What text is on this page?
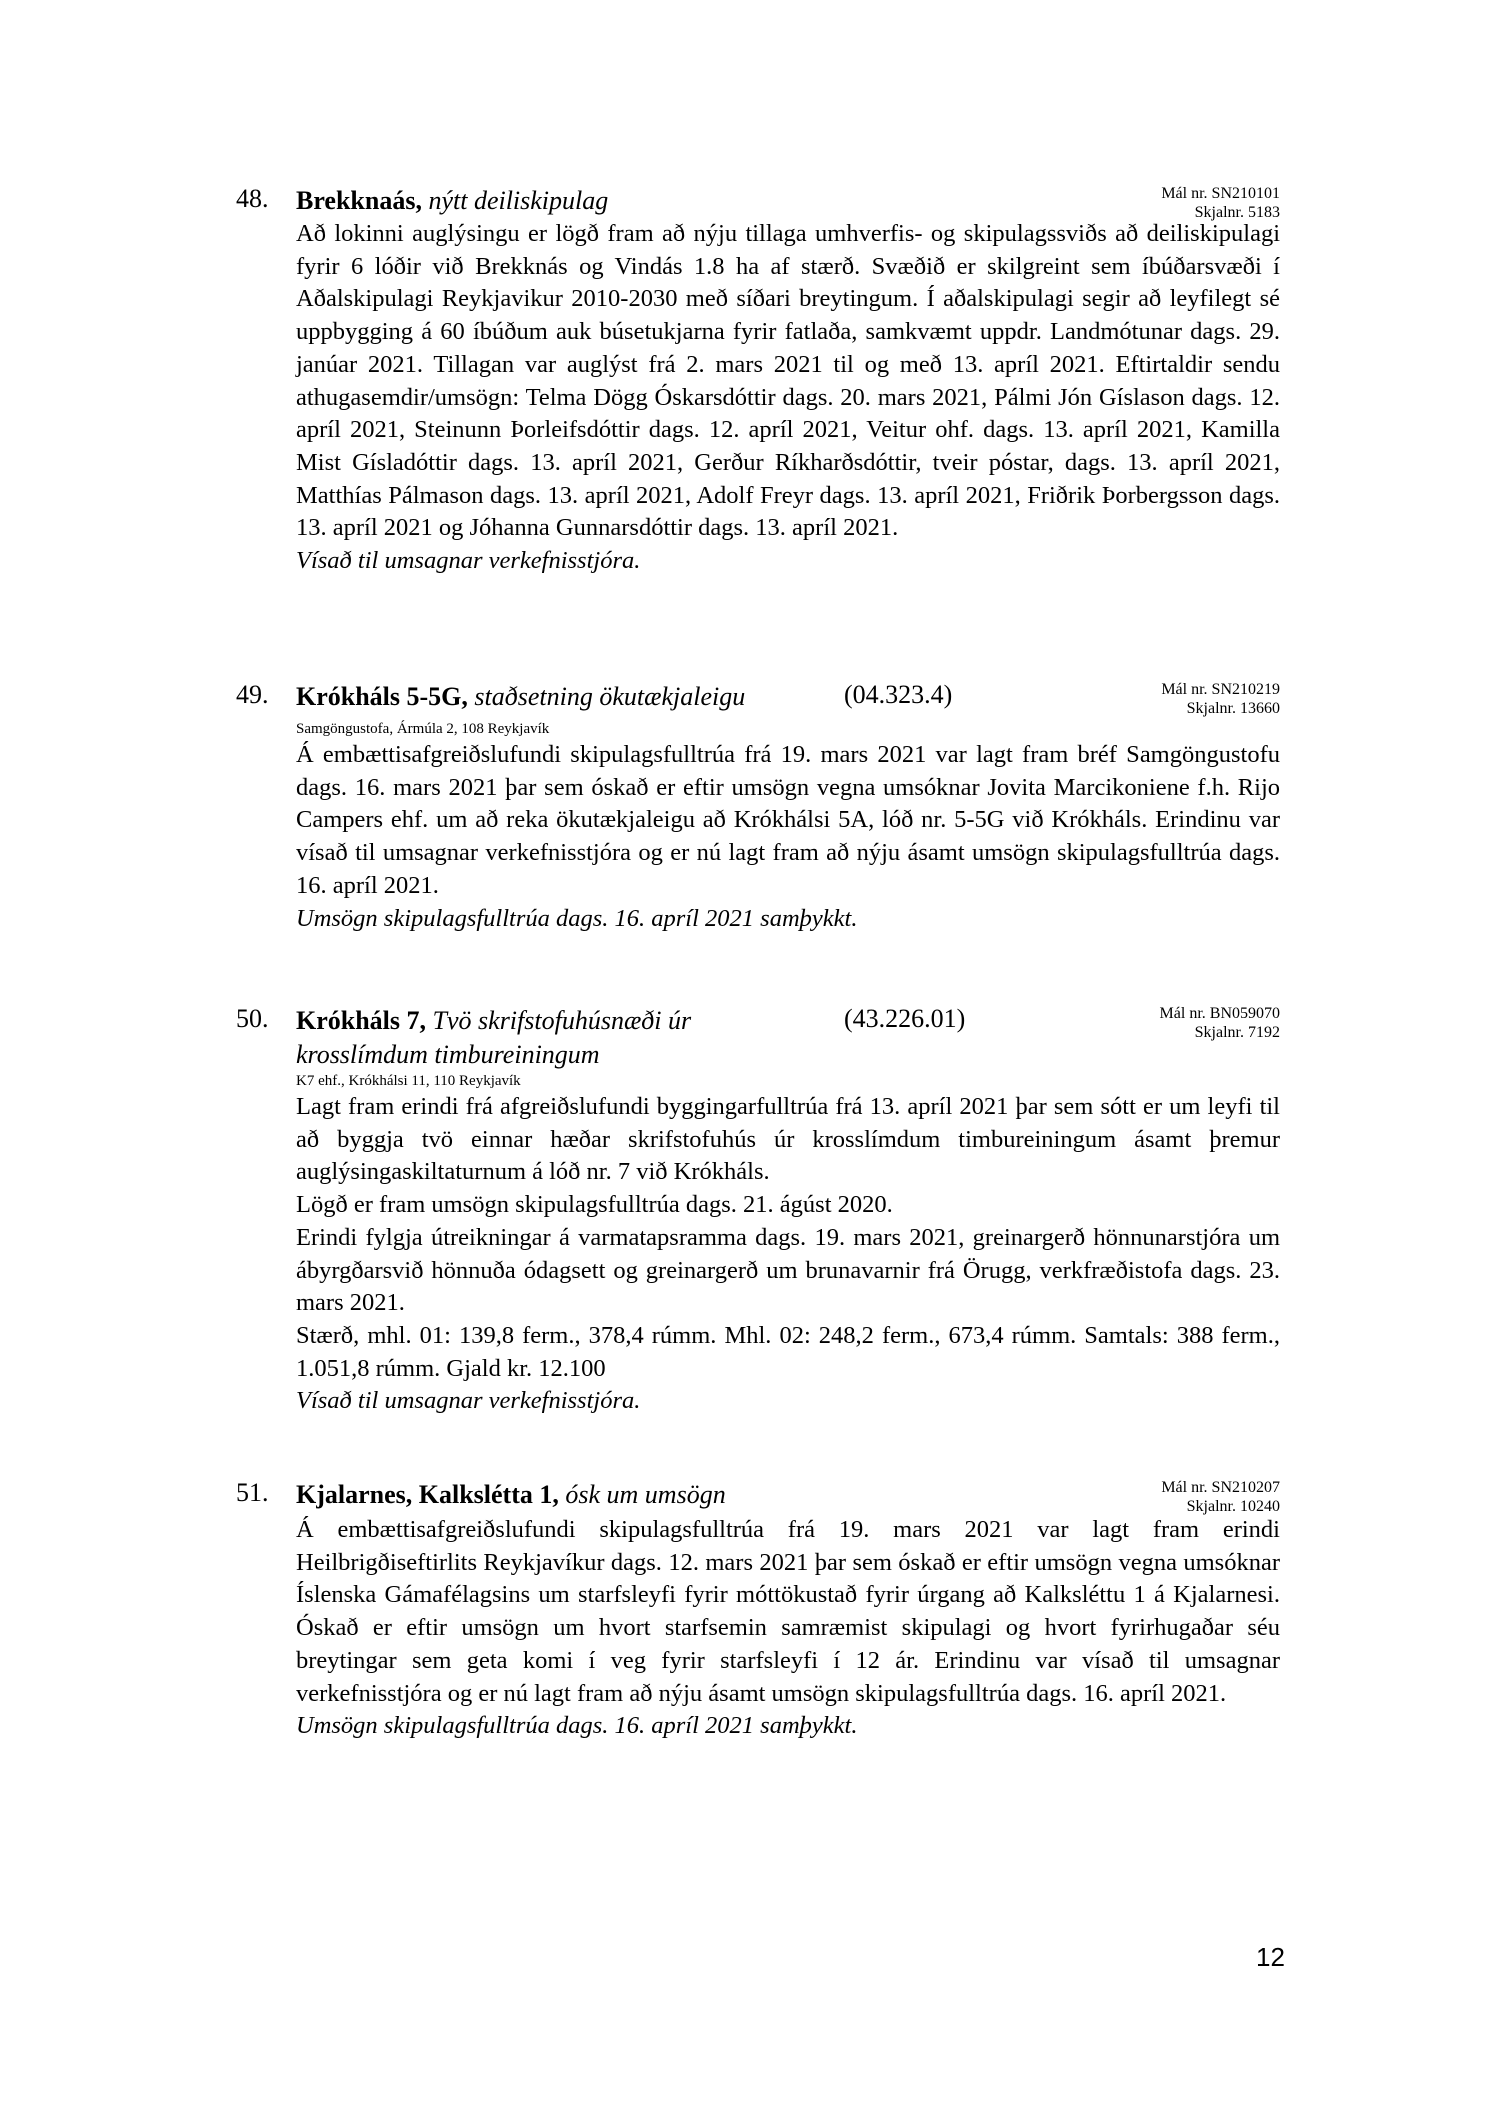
48. Brekknaás, nýtt deiliskipulag	Mál nr. SN210101
Skjalnr. 5183

Að lokinni auglýsingu er lögð fram að nýju tillaga umhverfis- og skipulagssviðs að deiliskipulagi fyrir 6 lóðir við Brekknás og Vindás 1.8 ha af stærð. Svæðið er skilgreint sem íbúðarsvæði í Aðalskipulagi Reykjavikur 2010-2030 með síðari breytingum. Í aðalskipulagi segir að leyfilegt sé uppbygging á 60 íbúðum auk búsetukjarna fyrir fatlaða, samkvæmt uppdr. Landmótunar dags. 29. janúar 2021. Tillagan var auglýst frá 2. mars 2021 til og með 13. apríl 2021. Eftirtaldir sendu athugasemdir/umsögn: Telma Dögg Óskarsdóttir dags. 20. mars 2021, Pálmi Jón Gíslason dags. 12. apríl 2021, Steinunn Þorleifsdóttir dags. 12. apríl 2021, Veitur ohf. dags. 13. apríl 2021, Kamilla Mist Gísladóttir dags. 13. apríl 2021, Gerður Ríkharðsdóttir, tveir póstar, dags. 13. apríl 2021, Matthías Pálmason dags. 13. apríl 2021, Adolf Freyr dags. 13. apríl 2021, Friðrik Þorbergsson dags. 13. apríl 2021 og Jóhanna Gunnarsdóttir dags. 13. apríl 2021.

Vísað til umsagnar verkefnisstjóra.

49. Krókháls 5-5G, staðsetning ökutækjaleigu	(04.323.4)	Mál nr. SN210219
Skjalnr. 13660
Samgöngustofa, Ármúla 2, 108 Reykjavík

Á embættisafgreiðslufundi skipulagsfulltrúa frá 19. mars 2021 var lagt fram bréf Samgöngustofu dags. 16. mars 2021 þar sem óskað er eftir umsögn vegna umsóknar Jovita Marcikoniene f.h. Rijo Campers ehf. um að reka ökutækjaleigu að Krókhálsi 5A, lóð nr. 5-5G við Krókháls. Erindinu var vísað til umsagnar verkefnisstjóra og er nú lagt fram að nýju ásamt umsögn skipulagsfulltrúa dags. 16. apríl 2021.

Umsögn skipulagsfulltrúa dags. 16. apríl 2021 samþykkt.

50. Krókháls 7, Tvö skrifstofuhúsnæði úr
krosslímdum timbureiningum
(43.226.01)	Mál nr. BN059070
Skjalnr. 7192
K7 ehf., Krókhálsi 11, 110 Reykjavík

Lagt fram erindi frá afgreiðslufundi byggingarfulltrúa frá 13. apríl 2021 þar sem sótt er um leyfi til að byggja tvö einnar hæðar skrifstofuhús úr krosslímdum timbureiningum ásamt þremur auglýsingaskiltaturnum á lóð nr. 7 við Krókháls.

Lögð er fram umsögn skipulagsfulltrúa dags. 21. ágúst 2020.

Erindi fylgja útreikningar á varmatapsramma dags. 19. mars 2021, greinargerð hönnunarstjóra um ábyrgðarsvið hönnuða ódagsett og greinargerð um brunavarnir frá Örugg, verkfræðistofa dags. 23. mars 2021.

Stærð, mhl. 01: 139,8 ferm., 378,4 rúmm. Mhl. 02: 248,2 ferm., 673,4 rúmm. Samtals: 388 ferm., 1.051,8 rúmm. Gjald kr. 12.100

Vísað til umsagnar verkefnisstjóra.

51. Kjalarnes, Kalkslétta 1, ósk um umsögn	Mál nr. SN210207
Skjalnr. 10240

Á embættisafgreiðslufundi skipulagsfulltrúa frá 19. mars 2021 var lagt fram erindi Heilbrigðiseftirlits Reykjavíkur dags. 12. mars 2021 þar sem óskað er eftir umsögn vegna umsóknar Íslenska Gámafélagsins um starfsleyfi fyrir móttökustað fyrir úrgang að Kalksléttu 1 á Kjalarnesi. Óskað er eftir umsögn um hvort starfsemin samræmist skipulagi og hvort fyrirhugaðar séu breytingar sem geta komi í veg fyrir starfsleyfi í 12 ár. Erindinu var vísað til umsagnar verkefnisstjóra og er nú lagt fram að nýju ásamt umsögn skipulagsfulltrúa dags. 16. apríl 2021.

Umsögn skipulagsfulltrúa dags. 16. apríl 2021 samþykkt.

12
